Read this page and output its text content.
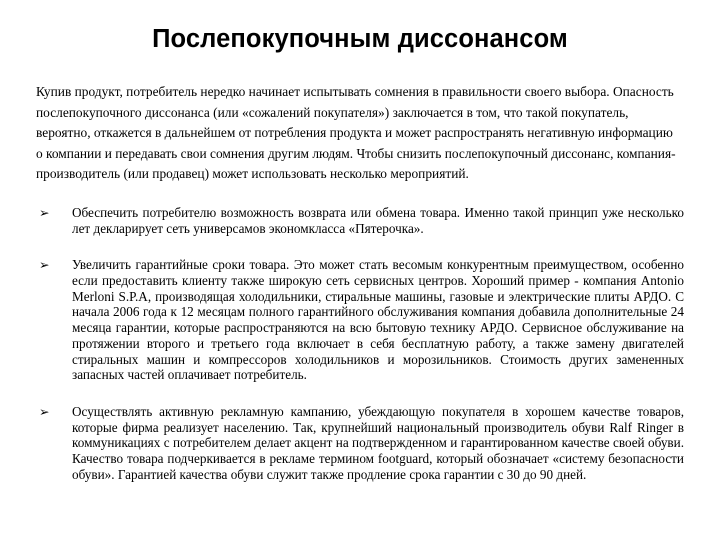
Послепокупочным диссонансом

Купив продукт, потребитель нередко начинает испытывать сомнения в правильности своего выбора. Опасность послепокупочного диссонанса (или «сожалений покупателя») заключается в том, что такой покупатель, вероятно, откажется в дальнейшем от потребления продукта и может распространять негативную информацию о компании и передавать свои сомнения другим людям. Чтобы снизить послепокупочный диссонанс, компания-производитель (или продавец) может использовать несколько мероприятий.

➢ Обеспечить потребителю возможность возврата или обмена товара. Именно такой принцип уже несколько лет декларирует сеть универсамов экономкласса «Пятерочка».
➢ Увеличить гарантийные сроки товара. Это может стать весомым конкурентным преимуществом, особенно если предоставить клиенту также широкую сеть сервисных центров. Хороший пример - компания Antonio Merloni S.P.A, производящая холодильники, стиральные машины, газовые и электрические плиты АРДО. С начала 2006 года к 12 месяцам полного гарантийного обслуживания компания добавила дополнительные 24 месяца гарантии, которые распространяются на всю бытовую технику АРДО. Сервисное обслуживание на протяжении второго и третьего года включает в себя бесплатную работу, а также замену двигателей стиральных машин и компрессоров холодильников и морозильников. Стоимость других замененных запасных частей оплачивает потребитель.
➢ Осуществлять активную рекламную кампанию, убеждающую покупателя в хорошем качестве товаров, которые фирма реализует населению. Так, крупнейший национальный производитель обуви Ralf Ringer в коммуникациях с потребителем делает акцент на подтвержденном и гарантированном качестве своей обуви. Качество товара подчеркивается в рекламе термином footguard, который обозначает «систему безопасности обуви». Гарантией качества обуви служит также продление срока гарантии с 30 до 90 дней.
